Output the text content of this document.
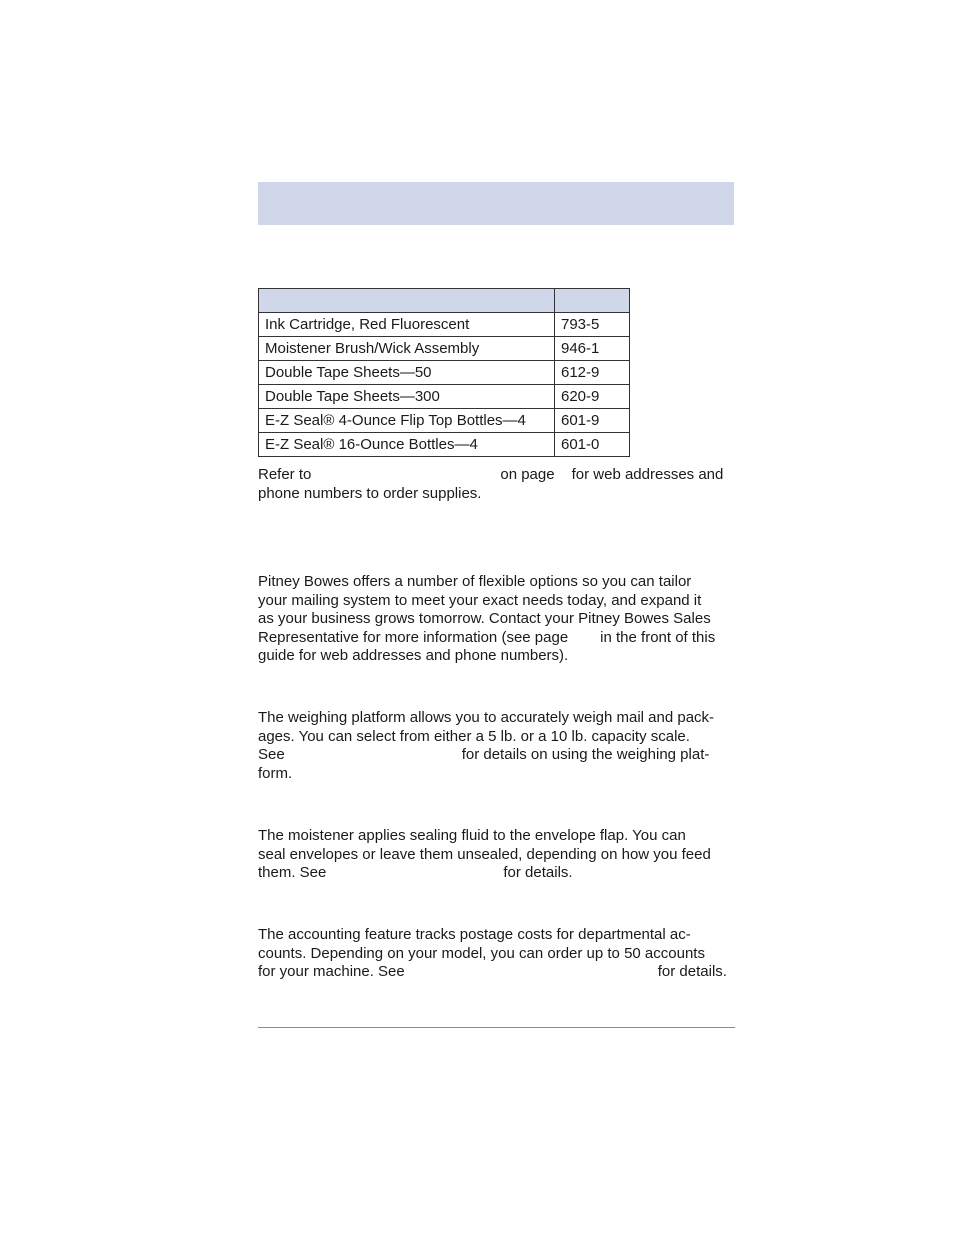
Ink Cartridge, Red Fluorescent	793-5
Moistener Brush/Wick Assembly	946-1
Double Tape Sheets—50	612-9
Double Tape Sheets—300	620-9
E-Z Seal® 4-Ounce Flip Top Bottles—4	601-9
E-Z Seal® 16-Ounce Bottles—4	601-0

Refer to	on page for web addresses and
phone numbers to order supplies.

Pitney Bowes offers a number of flexible options so you can tailor
your mailing system to meet your exact needs today, and expand it
as your business grows tomorrow. Contact your Pitney Bowes Sales
Representative for more information (see page in the front of this
guide for web addresses and phone numbers).

The weighing platform allows you to accurately weigh mail and pack-
ages. You can select from either a 5 lb. or a 10 lb. capacity scale.
See	for details on using the weighing plat-
form.

The moistener applies sealing fluid to the envelope flap. You can
seal envelopes or leave them unsealed, depending on how you feed
them. See	for details.

The accounting feature tracks postage costs for departmental ac-
counts. Depending on your model, you can order up to 50 accounts
for your machine. See	for details.
